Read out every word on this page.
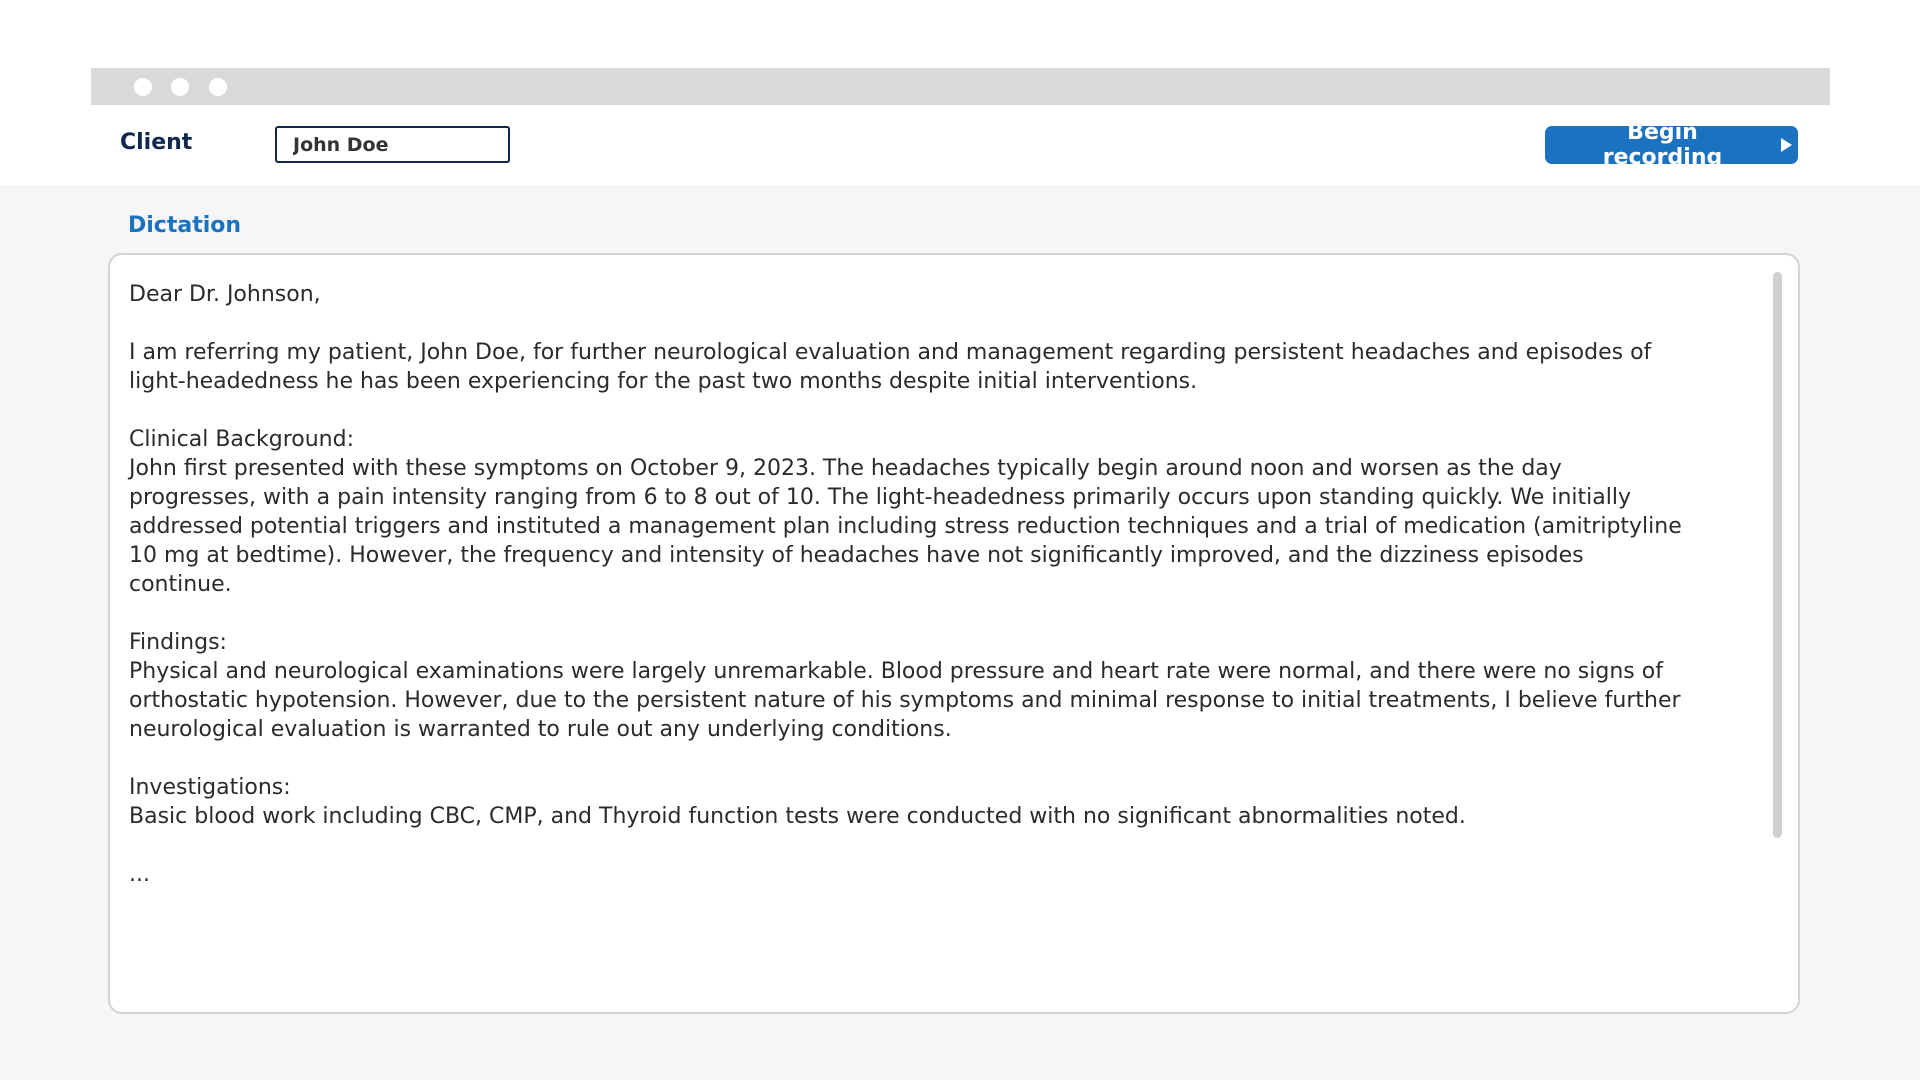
Client
John Doe	Begin recording
Dictation
Dear Dr. Johnson,

I am referring my patient, John Doe, for further neurological evaluation and management regarding persistent headaches and episodes of light-headedness he has been experiencing for the past two months despite initial interventions.

Clinical Background:
John first presented with these symptoms on October 9, 2023. The headaches typically begin around noon and worsen as the day progresses, with a pain intensity ranging from 6 to 8 out of 10. The light-headedness primarily occurs upon standing quickly. We initially addressed potential triggers and instituted a management plan including stress reduction techniques and a trial of medication (amitriptyline 10 mg at bedtime). However, the frequency and intensity of headaches have not significantly improved, and the dizziness episodes continue.

Findings:
Physical and neurological examinations were largely unremarkable. Blood pressure and heart rate were normal, and there were no signs of orthostatic hypotension. However, due to the persistent nature of his symptoms and minimal response to initial treatments, I believe further neurological evaluation is warranted to rule out any underlying conditions.

Investigations:
Basic blood work including CBC, CMP, and Thyroid function tests were conducted with no significant abnormalities noted.

...
